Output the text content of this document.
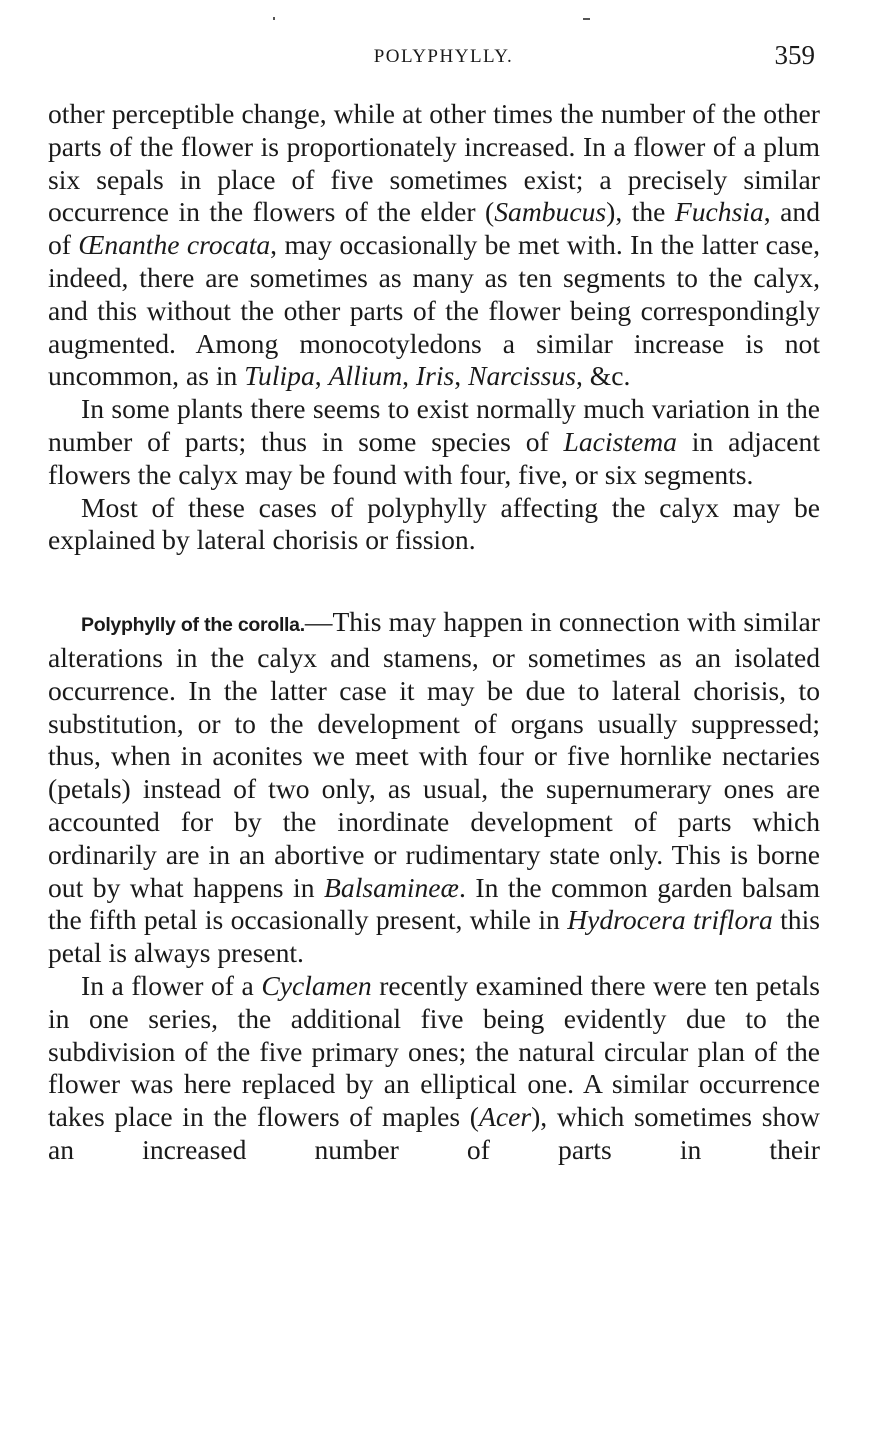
POLYPHYLLY.	359

other perceptible change, while at other times the number of the other parts of the flower is proportionately increased. In a flower of a plum six sepals in place of five sometimes exist; a precisely similar occurrence in the flowers of the elder (Sambucus), the Fuchsia, and of Œnanthe crocata, may occasionally be met with. In the latter case, indeed, there are sometimes as many as ten segments to the calyx, and this without the other parts of the flower being correspondingly augmented. Among monocotyledons a similar increase is not uncommon, as in Tulipa, Allium, Iris, Narcissus, &c.

In some plants there seems to exist normally much variation in the number of parts; thus in some species of Lacistema in adjacent flowers the calyx may be found with four, five, or six segments.

Most of these cases of polyphylly affecting the calyx may be explained by lateral chorisis or fission.

Polyphylly of the corolla.—This may happen in connection with similar alterations in the calyx and stamens, or sometimes as an isolated occurrence. In the latter case it may be due to lateral chorisis, to substitution, or to the development of organs usually suppressed; thus, when in aconites we meet with four or five hornlike nectaries (petals) instead of two only, as usual, the supernumerary ones are accounted for by the inordinate development of parts which ordinarily are in an abortive or rudimentary state only. This is borne out by what happens in Balsamineæ. In the common garden balsam the fifth petal is occasionally present, while in Hydrocera triflora this petal is always present.

In a flower of a Cyclamen recently examined there were ten petals in one series, the additional five being evidently due to the subdivision of the five primary ones; the natural circular plan of the flower was here replaced by an elliptical one. A similar occurrence takes place in the flowers of maples (Acer), which sometimes show an increased number of parts in their
